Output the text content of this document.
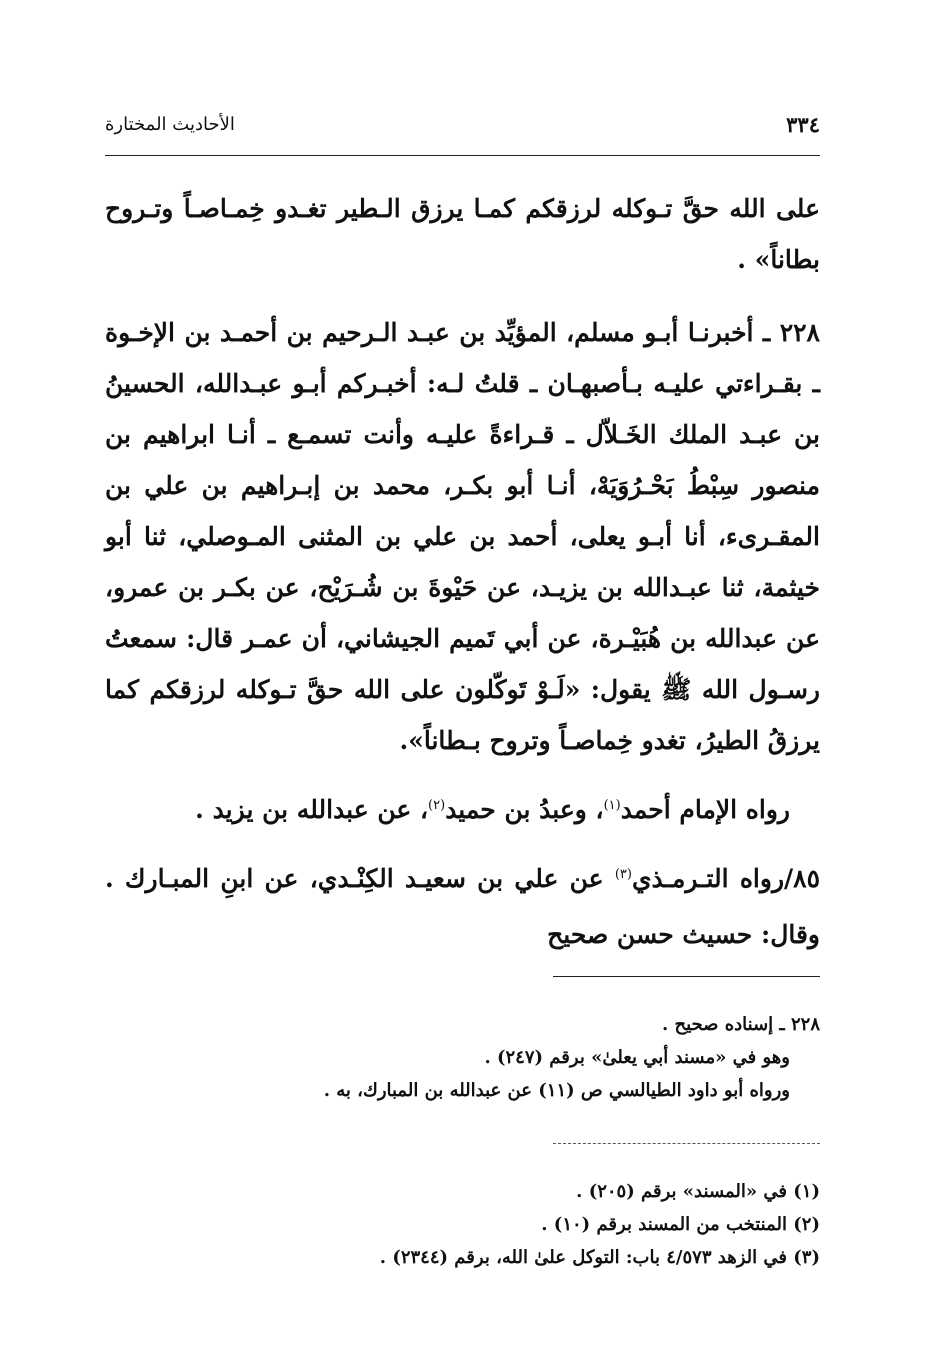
٣٣٤
الأحاديث المختارة

على الله حقَّ تـوكله لرزقكم كمـا يرزق الـطير تغـدو خِمـاصـاً وتـروح بطاناً» .

٢٢٨ ـ أخبرنـا أبـو مسلم، المؤيِّد بن عبـد الـرحيم بن أحمـد بن الإخـوة ـ بقـراءتي عليـه بـأصبهـان ـ قلتُ لـه: أخبـركم أبـو عبـدالله، الحسينُ بن عبـد الملك الخَـلاّل ـ قـراءةً عليـه وأنت تسمـع ـ أنـا ابراهيم بن منصور سِبْطُ بَحْـرُوَيَهْ، أنـا أبو بكـر، محمد بن إبـراهيم بن علي بن المقـرىء، أنا أبـو يعلى، أحمد بن علي بن المثنى المـوصلي، ثنا أبو خيثمة، ثنا عبـدالله بن يزيـد، عن حَيْوةَ بن شُـرَيْح، عن بكـر بن عمرو، عن عبدالله بن هُبَيْـرة، عن أبي تَميم الجيشاني، أن عمـر قال: سمعتُ رسـول الله ﷺ يقول: «لَـوْ تَوكّلون على الله حقَّ تـوكله لرزقكم كما يرزقُ الطيرُ، تغدو خِماصـاً وتروح بـطاناً».

رواه الإمام أحمد$^{(١)}$، وعبدُ بن حميد$^{(٢)}$، عن عبدالله بن يزيد .

٨٥/رواه التـرمـذي$^{(٣)}$ عن علي بن سعيـد الكِنْـدي، عن ابنِ المبـارك . وقال: حسيث حسن صحيح

٢٢٨ ـ إسناده صحيح .

وهو في «مسند أبي يعلىٰ» برقم (٢٤٧) .

ورواه أبو داود الطيالسي ص (١١) عن عبدالله بن المبارك، به .

(١) في «المسند» برقم (٢٠٥) .

(٢) المنتخب من المسند برقم (١٠) .

(٣) في الزهد ٤/٥٧٣ باب: التوكل علىٰ الله، برقم (٢٣٤٤) .
